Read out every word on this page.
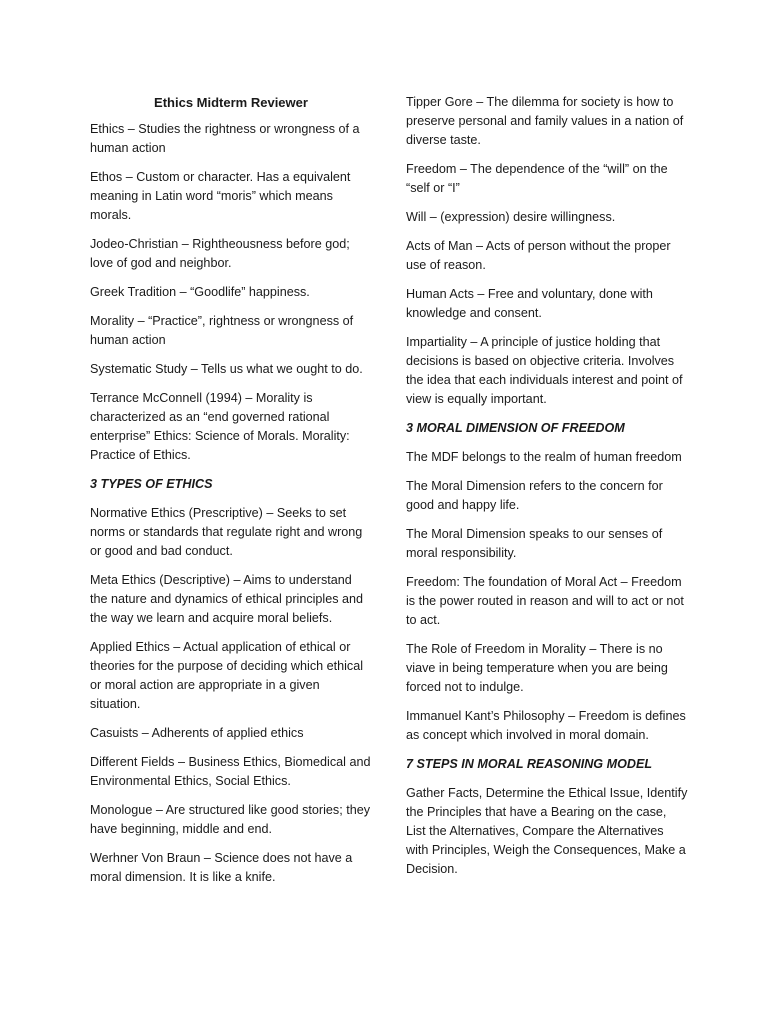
Ethics Midterm Reviewer

Ethics – Studies the rightness or wrongness of a human action

Ethos – Custom or character. Has a equivalent meaning in Latin word “moris” which means morals.

Jodeo-Christian – Rightheousness before god; love of god and neighbor.

Greek Tradition – “Goodlife” happiness.

Morality – “Practice”, rightness or wrongness of human action

Systematic Study – Tells us what we ought to do.

Terrance McConnell (1994) – Morality is characterized as an “end governed rational enterprise” Ethics: Science of Morals. Morality: Practice of Ethics.

3 TYPES OF ETHICS

Normative Ethics (Prescriptive) – Seeks to set norms or standards that regulate right and wrong or good and bad conduct.

Meta Ethics (Descriptive) – Aims to understand the nature and dynamics of ethical principles and the way we learn and acquire moral beliefs.

Applied Ethics – Actual application of ethical or theories for the purpose of deciding which ethical or moral action are appropriate in a given situation.

Casuists – Adherents of applied ethics

Different Fields – Business Ethics, Biomedical and Environmental Ethics, Social Ethics.

Monologue – Are structured like good stories; they have beginning, middle and end.

Werhner Von Braun – Science does not have a moral dimension. It is like a knife.

Tipper Gore – The dilemma for society is how to preserve personal and family values in a nation of diverse taste.

Freedom – The dependence of the “will” on the “self or “I”

Will – (expression) desire willingness.

Acts of Man – Acts of person without the proper use of reason.

Human Acts – Free and voluntary, done with knowledge and consent.

Impartiality – A principle of justice holding that decisions is based on objective criteria. Involves the idea that each individuals interest and point of view is equally important.

3 MORAL DIMENSION OF FREEDOM

The MDF belongs to the realm of human freedom

The Moral Dimension refers to the concern for good and happy life.

The Moral Dimension speaks to our senses of moral responsibility.

Freedom: The foundation of Moral Act – Freedom is the power routed in reason and will to act or not to act.

The Role of Freedom in Morality – There is no viave in being temperature when you are being forced not to indulge.

Immanuel Kant’s Philosophy – Freedom is defines as concept which involved in moral domain.

7 STEPS IN MORAL REASONING MODEL

Gather Facts, Determine the Ethical Issue, Identify the Principles that have a Bearing on the case, List the Alternatives, Compare the Alternatives with Principles, Weigh the Consequences, Make a Decision.
